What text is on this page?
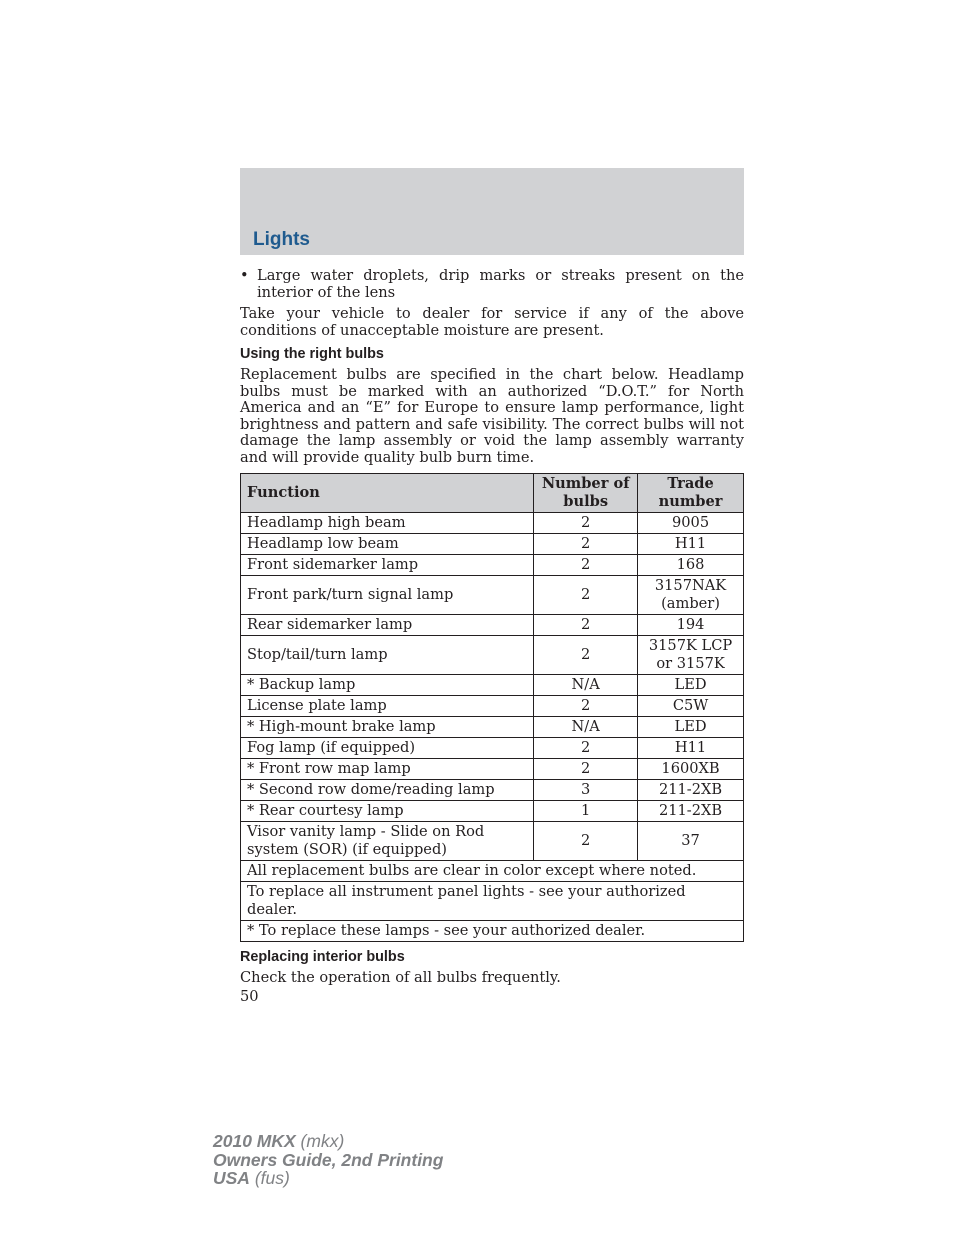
Lights
• Large water droplets, drip marks or streaks present on the interior of the lens

Take your vehicle to dealer for service if any of the above conditions of unacceptable moisture are present.

Using the right bulbs

Replacement bulbs are specified in the chart below. Headlamp bulbs must be marked with an authorized “D.O.T.” for North America and an “E” for Europe to ensure lamp performance, light brightness and pattern and safe visibility. The correct bulbs will not damage the lamp assembly or void the lamp assembly warranty and will provide quality bulb burn time.

Function	Number of bulbs	Trade number
Headlamp high beam	2	9005
Headlamp low beam	2	H11
Front sidemarker lamp	2	168
Front park/turn signal lamp	2	3157NAK (amber)
Rear sidemarker lamp	2	194
Stop/tail/turn lamp	2	3157K LCP or 3157K
* Backup lamp	N/A	LED
License plate lamp	2	C5W
* High-mount brake lamp	N/A	LED
Fog lamp (if equipped)	2	H11
* Front row map lamp	2	1600XB
* Second row dome/reading lamp	3	211-2XB
* Rear courtesy lamp	1	211-2XB
Visor vanity lamp - Slide on Rod system (SOR) (if equipped)	2	37
All replacement bulbs are clear in color except where noted.		
To replace all instrument panel lights - see your authorized dealer.		
* To replace these lamps - see your authorized dealer.		
Replacing interior bulbs

Check the operation of all bulbs frequently.

50
2010 MKX (mkx)
Owners Guide, 2nd Printing
USA (fus)
